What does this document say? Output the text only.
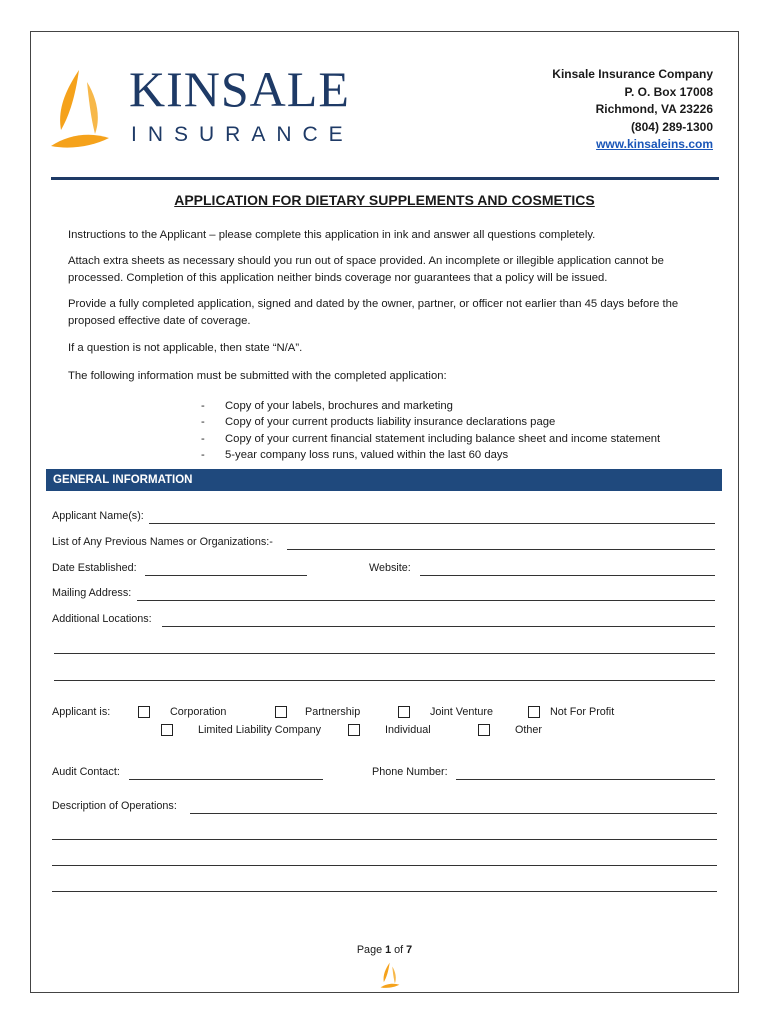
KINSALE
INSURANCE
Kinsale Insurance Company
P. O. Box 17008
Richmond, VA 23226
(804) 289-1300
www.kinsaleins.com
APPLICATION FOR DIETARY SUPPLEMENTS AND COSMETICS
Instructions to the Applicant – please complete this application in ink and answer all questions completely.
Attach extra sheets as necessary should you run out of space provided. An incomplete or illegible application cannot be processed. Completion of this application neither binds coverage nor guarantees that a policy will be issued.
Provide a fully completed application, signed and dated by the owner, partner, or officer not earlier than 45 days before the proposed effective date of coverage.
If a question is not applicable, then state “N/A”.
The following information must be submitted with the completed application:
- Copy of your labels, brochures and marketing
- Copy of your current products liability insurance declarations page
- Copy of your current financial statement including balance sheet and income statement
- 5-year company loss runs, valued within the last 60 days
GENERAL INFORMATION
Applicant Name(s):
List of Any Previous Names or Organizations:-
Date Established:	Website:
Mailing Address:
Additional Locations:
Applicant is:	Corporation	Partnership	Joint Venture	Not For Profit
Limited Liability Company	Individual	Other
Audit Contact:	Phone Number:
Description of Operations:
Page 1 of 7
